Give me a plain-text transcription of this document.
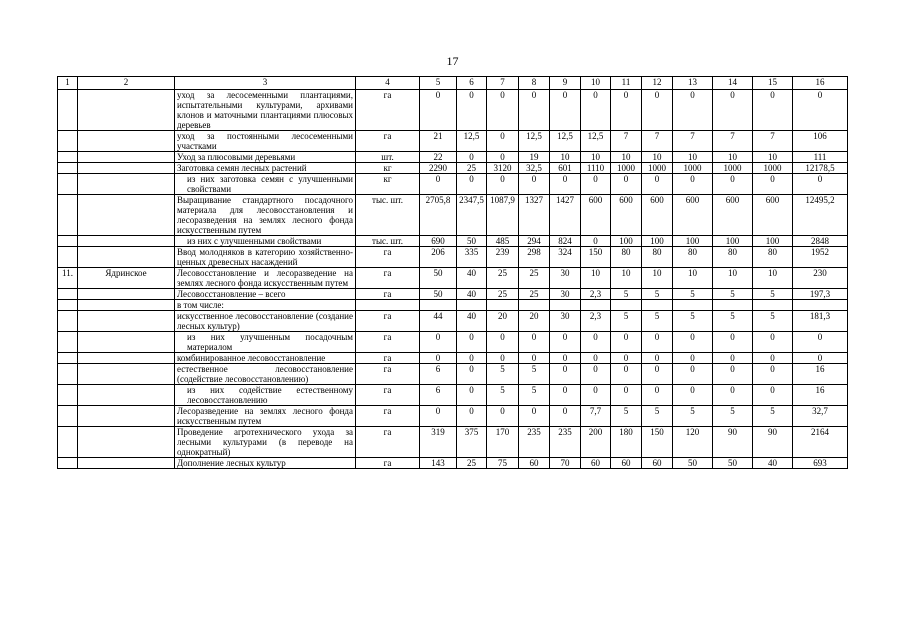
17
1	2	3	4	5	6	7	8	9	10	11	12	13	14	15	16
		уход за лесосеменными плантациями, испытательными культурами, архивами клонов и маточными плантациями плюсовых деревьев	га	0	0	0	0	0	0	0	0	0	0	0	0
		уход за постоянными лесосеменными участками	га	21	12,5	0	12,5	12,5	12,5	7	7	7	7	7	106
		Уход за плюсовыми деревьями	шт.	22	0	0	19	10	10	10	10	10	10	10	111
		Заготовка семян лесных растений	кг	2290	25	3120	32,5	601	1110	1000	1000	1000	1000	1000	12178,5
		из них заготовка семян с улучшенными свойствами	кг	0	0	0	0	0	0	0	0	0	0	0	0
		Выращивание стандартного посадочного материала для лесовосстановления и лесоразведения на землях лесного фонда искусственным путем	тыс. шт.	2705,8	2347,5	1087,9	1327	1427	600	600	600	600	600	600	12495,2
		из них с улучшенными свойствами	тыс. шт.	690	50	485	294	824	0	100	100	100	100	100	2848
		Ввод молодняков в категорию хозяйственно-ценных древесных насаждений	га	206	335	239	298	324	150	80	80	80	80	80	1952
11.	Ядринское	Лесовосстановление и лесоразведение на землях лесного фонда искусственным путем	га	50	40	25	25	30	10	10	10	10	10	10	230
		Лесовосстановление – всего	га	50	40	25	25	30	2,3	5	5	5	5	5	197,3
		в том числе:													
		искусственное лесовосстановление (создание лесных культур)	га	44	40	20	20	30	2,3	5	5	5	5	5	181,3
		из них улучшенным посадочным материалом	га	0	0	0	0	0	0	0	0	0	0	0	0
		комбинированное лесовосстановление	га	0	0	0	0	0	0	0	0	0	0	0	0
		естественное лесовосстановление (содействие лесовосстановлению)	га	6	0	5	5	0	0	0	0	0	0	0	16
		из них содействие естественному лесовосстановлению	га	6	0	5	5	0	0	0	0	0	0	0	16
		Лесоразведение на землях лесного фонда искусственным путем	га	0	0	0	0	0	7,7	5	5	5	5	5	32,7
		Проведение агротехнического ухода за лесными культурами (в переводе на однократный)	га	319	375	170	235	235	200	180	150	120	90	90	2164
		Дополнение лесных культур	га	143	25	75	60	70	60	60	60	50	50	40	693
